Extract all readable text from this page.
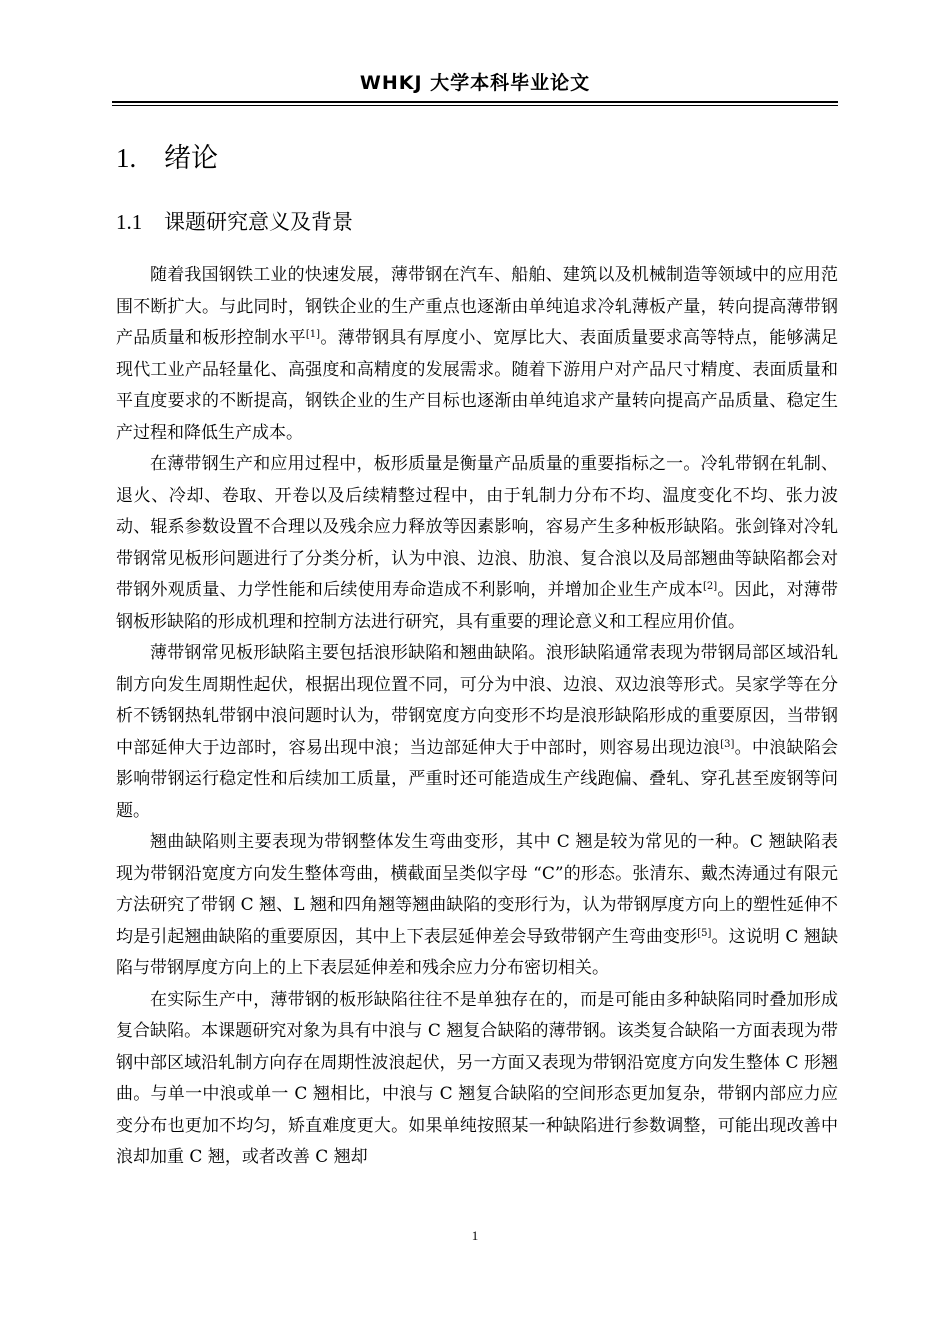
WHKJ 大学本科毕业论文
1. 绪论
1.1 课题研究意义及背景

随着我国钢铁工业的快速发展，薄带钢在汽车、船舶、建筑以及机械制造等领域中的应用范围不断扩大。与此同时，钢铁企业的生产重点也逐渐由单纯追求冷轧薄板产量，转向提高薄带钢产品质量和板形控制水平[1]。薄带钢具有厚度小、宽厚比大、表面质量要求高等特点，能够满足现代工业产品轻量化、高强度和高精度的发展需求。随着下游用户对产品尺寸精度、表面质量和平直度要求的不断提高，钢铁企业的生产目标也逐渐由单纯追求产量转向提高产品质量、稳定生产过程和降低生产成本。

在薄带钢生产和应用过程中，板形质量是衡量产品质量的重要指标之一。冷轧带钢在轧制、退火、冷却、卷取、开卷以及后续精整过程中，由于轧制力分布不均、温度变化不均、张力波动、辊系参数设置不合理以及残余应力释放等因素影响，容易产生多种板形缺陷。张剑锋对冷轧带钢常见板形问题进行了分类分析，认为中浪、边浪、肋浪、复合浪以及局部翘曲等缺陷都会对带钢外观质量、力学性能和后续使用寿命造成不利影响，并增加企业生产成本[2]。因此，对薄带钢板形缺陷的形成机理和控制方法进行研究，具有重要的理论意义和工程应用价值。

薄带钢常见板形缺陷主要包括浪形缺陷和翘曲缺陷。浪形缺陷通常表现为带钢局部区域沿轧制方向发生周期性起伏，根据出现位置不同，可分为中浪、边浪、双边浪等形式。吴家学等在分析不锈钢热轧带钢中浪问题时认为，带钢宽度方向变形不均是浪形缺陷形成的重要原因，当带钢中部延伸大于边部时，容易出现中浪；当边部延伸大于中部时，则容易出现边浪[3]。中浪缺陷会影响带钢运行稳定性和后续加工质量，严重时还可能造成生产线跑偏、叠轧、穿孔甚至废钢等问题。

翘曲缺陷则主要表现为带钢整体发生弯曲变形，其中 C 翘是较为常见的一种。C 翘缺陷表现为带钢沿宽度方向发生整体弯曲，横截面呈类似字母 “C”的形态。张清东、戴杰涛通过有限元方法研究了带钢 C 翘、L 翘和四角翘等翘曲缺陷的变形行为，认为带钢厚度方向上的塑性延伸不均是引起翘曲缺陷的重要原因，其中上下表层延伸差会导致带钢产生弯曲变形[5]。这说明 C 翘缺陷与带钢厚度方向上的上下表层延伸差和残余应力分布密切相关。

在实际生产中，薄带钢的板形缺陷往往不是单独存在的，而是可能由多种缺陷同时叠加形成复合缺陷。本课题研究对象为具有中浪与 C 翘复合缺陷的薄带钢。该类复合缺陷一方面表现为带钢中部区域沿轧制方向存在周期性波浪起伏，另一方面又表现为带钢沿宽度方向发生整体 C 形翘曲。与单一中浪或单一 C 翘相比，中浪与 C 翘复合缺陷的空间形态更加复杂，带钢内部应力应变分布也更加不均匀，矫直难度更大。如果单纯按照某一种缺陷进行参数调整，可能出现改善中浪却加重 C 翘，或者改善 C 翘却

1
